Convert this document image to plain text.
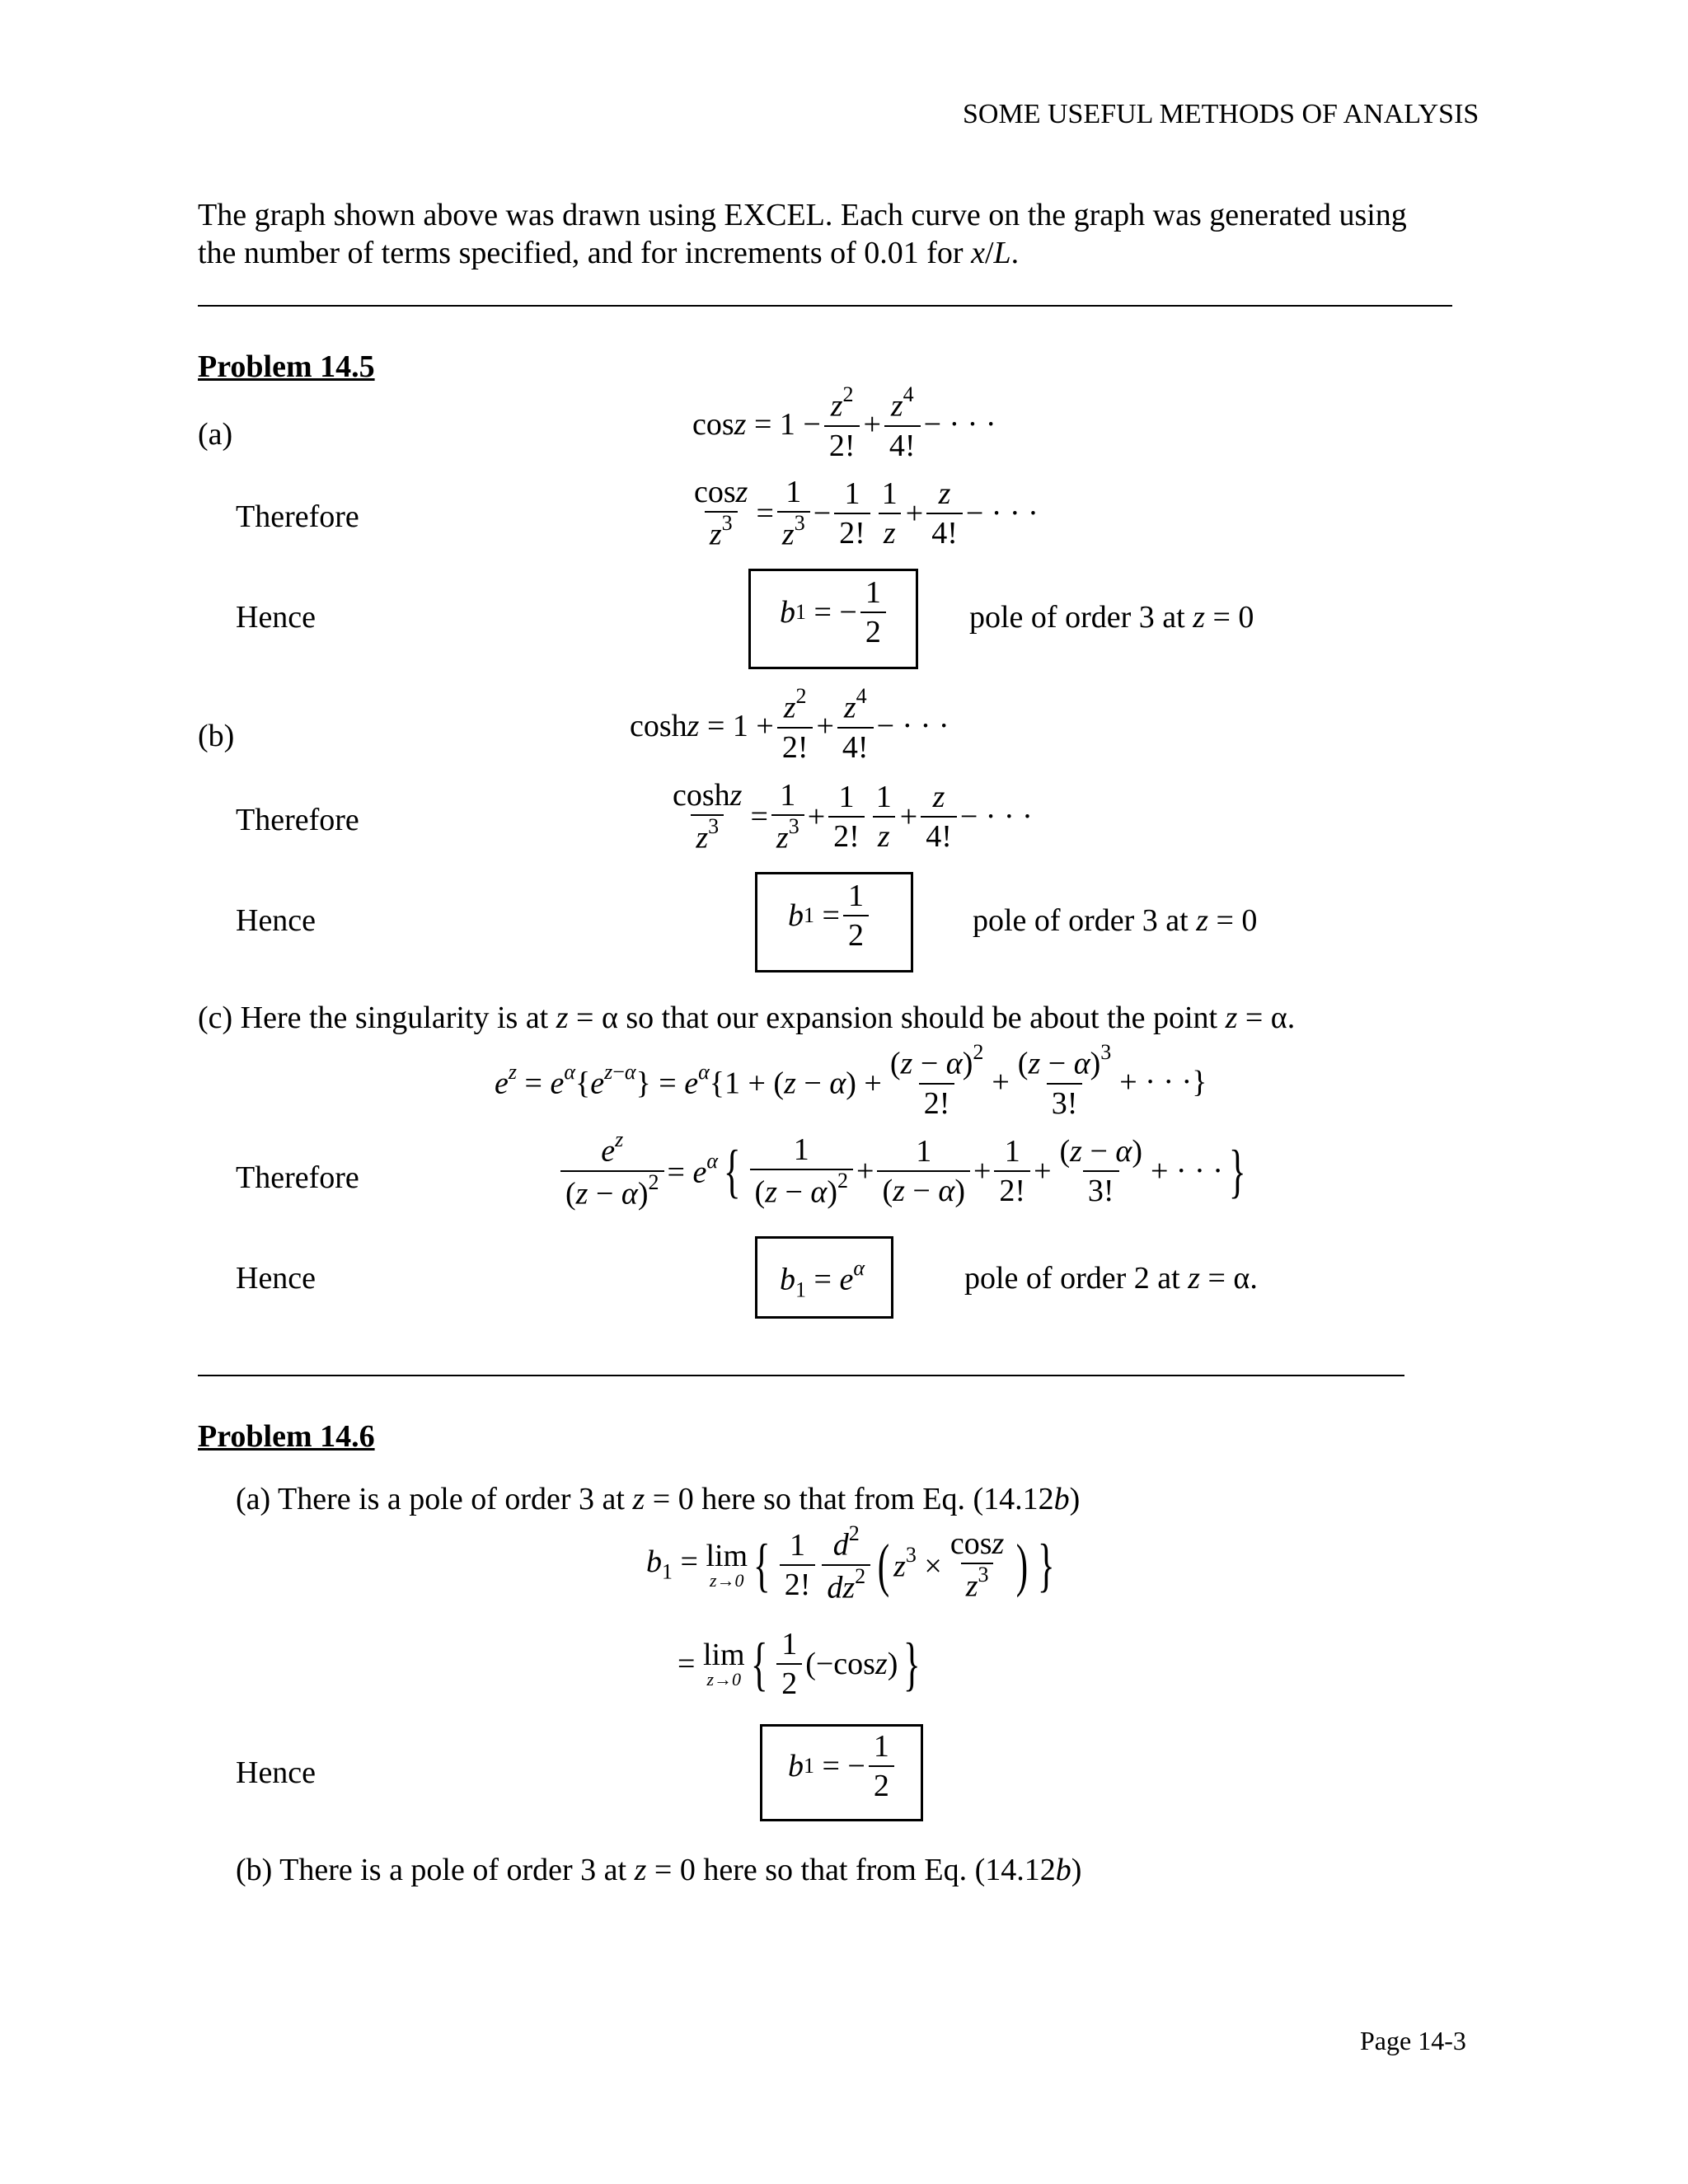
SOME USEFUL METHODS OF ANALYSIS
The graph shown above was drawn using EXCEL. Each curve on the graph was generated using
the number of terms specified, and for increments of 0.01 for x/L.
Problem 14.5
(a)	$\cos z = 1 - \frac{z^2}{2!} + \frac{z^4}{4!}$ − · · ·
Therefore	$\frac{\cos z}{z^3} = \frac{1}{z^3} - \frac{1}{2!} \frac{1}{z} + \frac{z}{4!}$ − · · ·
Hence	b 1 = − $\frac{1}{2}$	pole of order 3 at z = 0
(b)	$\cosh z = 1 + \frac{z^2}{2!} + \frac{z^4}{4!}$ − · · ·
Therefore	$\frac{\cosh z}{z^3} = \frac{1}{z^3} + \frac{1}{2!} \frac{1}{z} + \frac{z}{4!}$ − · · ·
Hence	b $1 = \frac{1}{2}$	pole of order 3 at z = 0
(c) Here the singularity is at z = α so that our expansion should be about the point z = α.
$e^z = e^\alpha\{e^{z-\alpha}\} = e^\alpha\{1 + (z - \alpha) + \frac{(z - \alpha)^2}{2!} + \frac{(z - \alpha)^3}{3!}$ + · · ·}
Therefore	$\frac{e^z}{(z - \alpha)^2} = e^\alpha$ { $\frac{1}{(z - \alpha)^2} + \frac{1}{(z - \alpha)} + \frac{1}{2!} + \frac{(z - \alpha)}{3!}$ + · · · }
Hence	$b_1 = e^\alpha$	pole of order 2 at z = α.
Problem 14.6
(a) There is a pole of order 3 at z = 0 here so that from Eq. (14.12b)
$b_1 = \lim$
z→0 { $\frac{1}{2!} \frac{d^2}{dz^2}$ ( $z^3 \times \frac{\cos z}{z^3}$ ) }
= lim
z→0 { $\frac{1}{2} (-\cos z)$ }
Hence	b 1 = − $\frac{1}{2}$
(b) There is a pole of order 3 at z = 0 here so that from Eq. (14.12b)
Page 14-3
